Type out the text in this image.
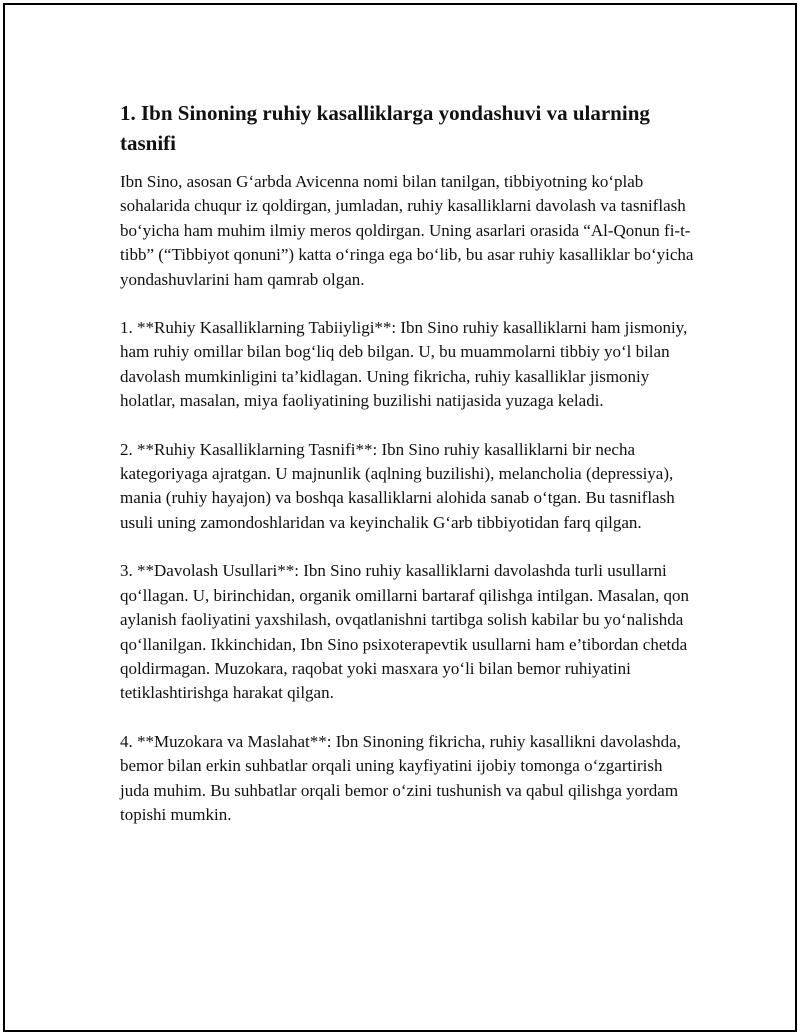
1. Ibn Sinoning ruhiy kasalliklarga yondashuvi va ularning tasnifi

Ibn Sino, asosan G‘arbda Avicenna nomi bilan tanilgan, tibbiyotning ko‘plab sohalarida chuqur iz qoldirgan, jumladan, ruhiy kasalliklarni davolash va tasniflash bo‘yicha ham muhim ilmiy meros qoldirgan. Uning asarlari orasida “Al-Qonun fi-t-tibb” (“Tibbiyot qonuni”) katta o‘ringa ega bo‘lib, bu asar ruhiy kasalliklar bo‘yicha yondashuvlarini ham qamrab olgan.

1. **Ruhiy Kasalliklarning Tabiiyligi**: Ibn Sino ruhiy kasalliklarni ham jismoniy, ham ruhiy omillar bilan bog‘liq deb bilgan. U, bu muammolarni tibbiy yo‘l bilan davolash mumkinligini ta’kidlagan. Uning fikricha, ruhiy kasalliklar jismoniy holatlar, masalan, miya faoliyatining buzilishi natijasida yuzaga keladi.

2. **Ruhiy Kasalliklarning Tasnifi**: Ibn Sino ruhiy kasalliklarni bir necha kategoriyaga ajratgan. U majnunlik (aqlning buzilishi), melancholia (depressiya), mania (ruhiy hayajon) va boshqa kasalliklarni alohida sanab o‘tgan. Bu tasniflash usuli uning zamondoshlaridan va keyinchalik G‘arb tibbiyotidan farq qilgan.

3. **Davolash Usullari**: Ibn Sino ruhiy kasalliklarni davolashda turli usullarni qo‘llagan. U, birinchidan, organik omillarni bartaraf qilishga intilgan. Masalan, qon aylanish faoliyatini yaxshilash, ovqatlanishni tartibga solish kabilar bu yo‘nalishda qo‘llanilgan. Ikkinchidan, Ibn Sino psixoterapevtik usullarni ham e’tibordan chetda qoldirmagan. Muzokara, raqobat yoki masxara yo‘li bilan bemor ruhiyatini tetiklashtirishga harakat qilgan.

4. **Muzokara va Maslahat**: Ibn Sinoning fikricha, ruhiy kasallikni davolashda, bemor bilan erkin suhbatlar orqali uning kayfiyatini ijobiy tomonga o‘zgartirish juda muhim. Bu suhbatlar orqali bemor o‘zini tushunish va qabul qilishga yordam topishi mumkin.
